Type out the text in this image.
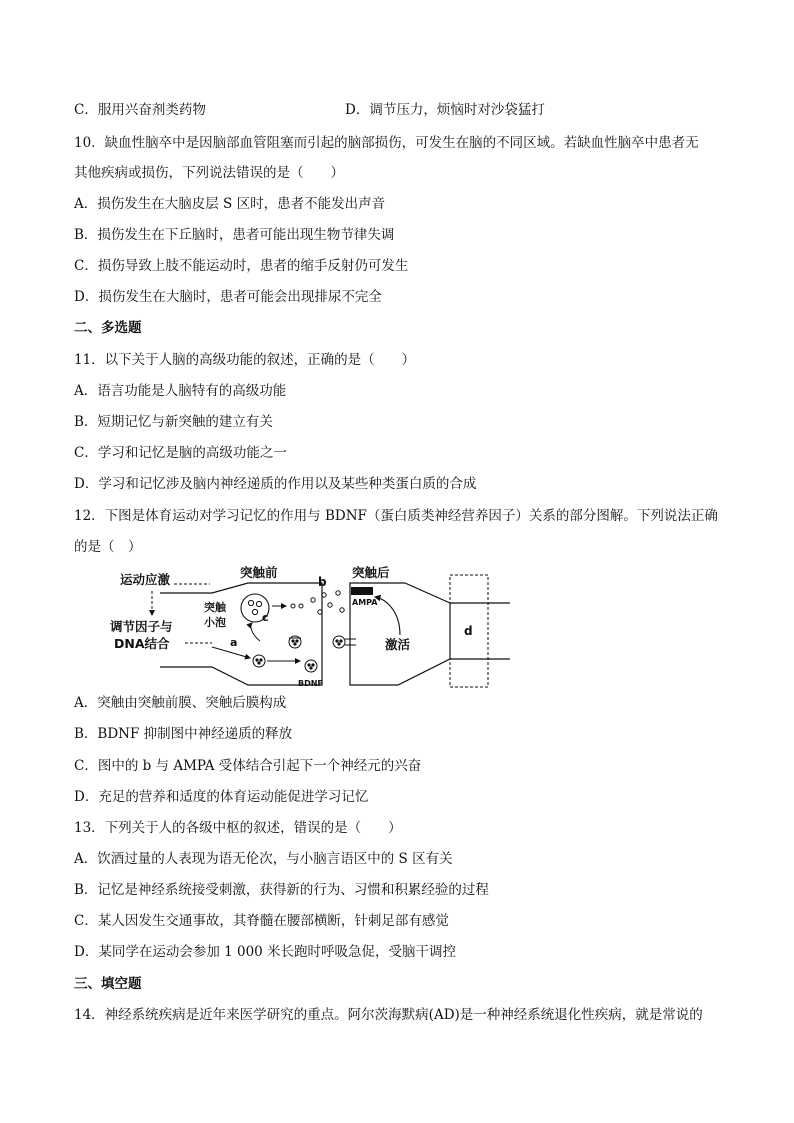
C．服用兴奋剂类药物	D．调节压力，烦恼时对沙袋猛打
10．缺血性脑卒中是因脑部血管阻塞而引起的脑部损伤，可发生在脑的不同区域。若缺血性脑卒中患者无
其他疾病或损伤，下列说法错误的是（　　）
A．损伤发生在大脑皮层 S 区时，患者不能发出声音
B．损伤发生在下丘脑时，患者可能出现生物节律失调
C．损伤导致上肢不能运动时，患者的缩手反射仍可发生
D．损伤发生在大脑时，患者可能会出现排尿不完全
二、多选题
11．以下关于人脑的高级功能的叙述，正确的是（　　）
A．语言功能是人脑特有的高级功能
B．短期记忆与新突触的建立有关
C．学习和记忆是脑的高级功能之一
D．学习和记忆涉及脑内神经递质的作用以及某些种类蛋白质的合成
12．下图是体育运动对学习记忆的作用与 BDNF（蛋白质类神经营养因子）关系的部分图解。下列说法正确
的是（　）
运动应激
调节因子与
DNA结合
突触前
突触
小泡	c
a
BDNF
b
突触后
AMPA
激活
d
A．突触由突触前膜、突触后膜构成
B．BDNF 抑制图中神经递质的释放
C．图中的 b 与 AMPA 受体结合引起下一个神经元的兴奋
D．充足的营养和适度的体育运动能促进学习记忆
13．下列关于人的各级中枢的叙述，错误的是（　　）
A．饮酒过量的人表现为语无伦次，与小脑言语区中的 S 区有关
B．记忆是神经系统接受刺激，获得新的行为、习惯和积累经验的过程
C．某人因发生交通事故，其脊髓在腰部横断，针刺足部有感觉
D．某同学在运动会参加 1 000 米长跑时呼吸急促，受脑干调控
三、填空题
14．神经系统疾病是近年来医学研究的重点。阿尔茨海默病(AD)是一种神经系统退化性疾病，就是常说的
